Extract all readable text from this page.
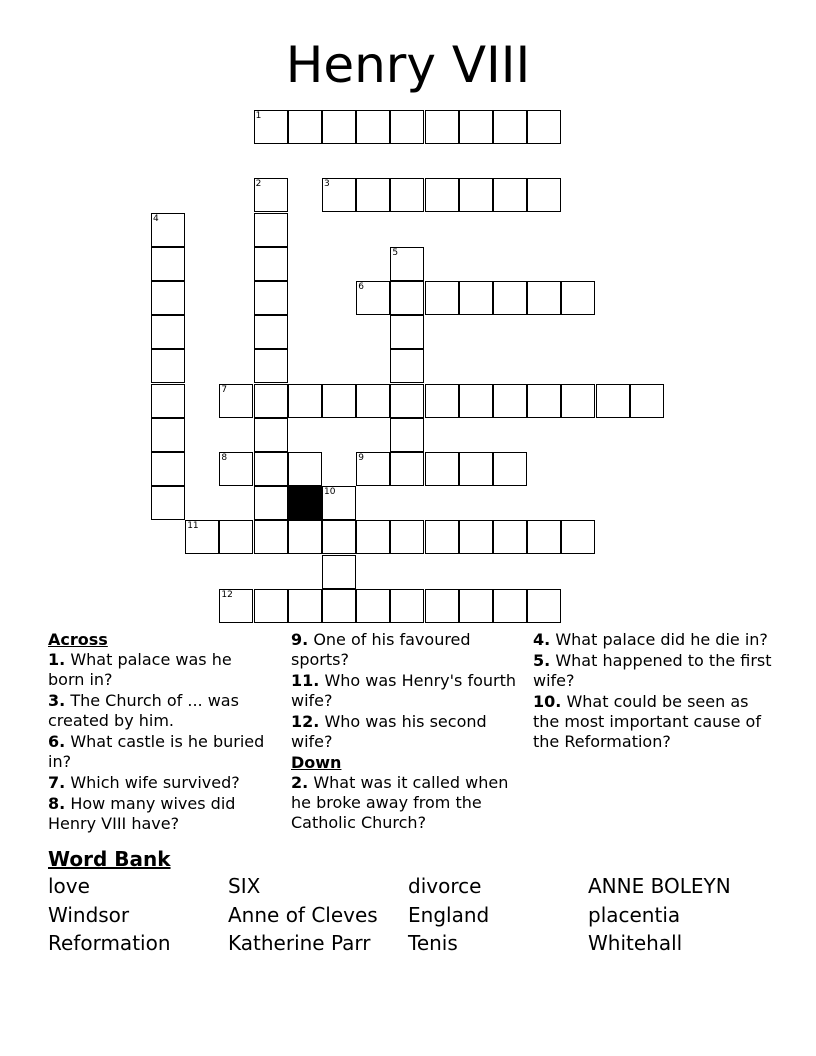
Henry VIII
1
2	3
4
5
6
7
8	9
10
11
12
Across
1. What palace was he born in?
3. The Church of ... was created by him.
6. What castle is he buried in?
7. Which wife survived?
8. How many wives did Henry VIII have?
9. One of his favoured sports?
11. Who was Henry's fourth wife?
12. Who was his second wife?
Down
2. What was it called when he broke away from the Catholic Church?
4. What palace did he die in?
5. What happened to the first wife?
10. What could be seen as the most important cause of the Reformation?
Word Bank
love	SIX	divorce	ANNE BOLEYN
Windsor	Anne of Cleves	England	placentia
Reformation	Katherine Parr	Tenis	Whitehall
